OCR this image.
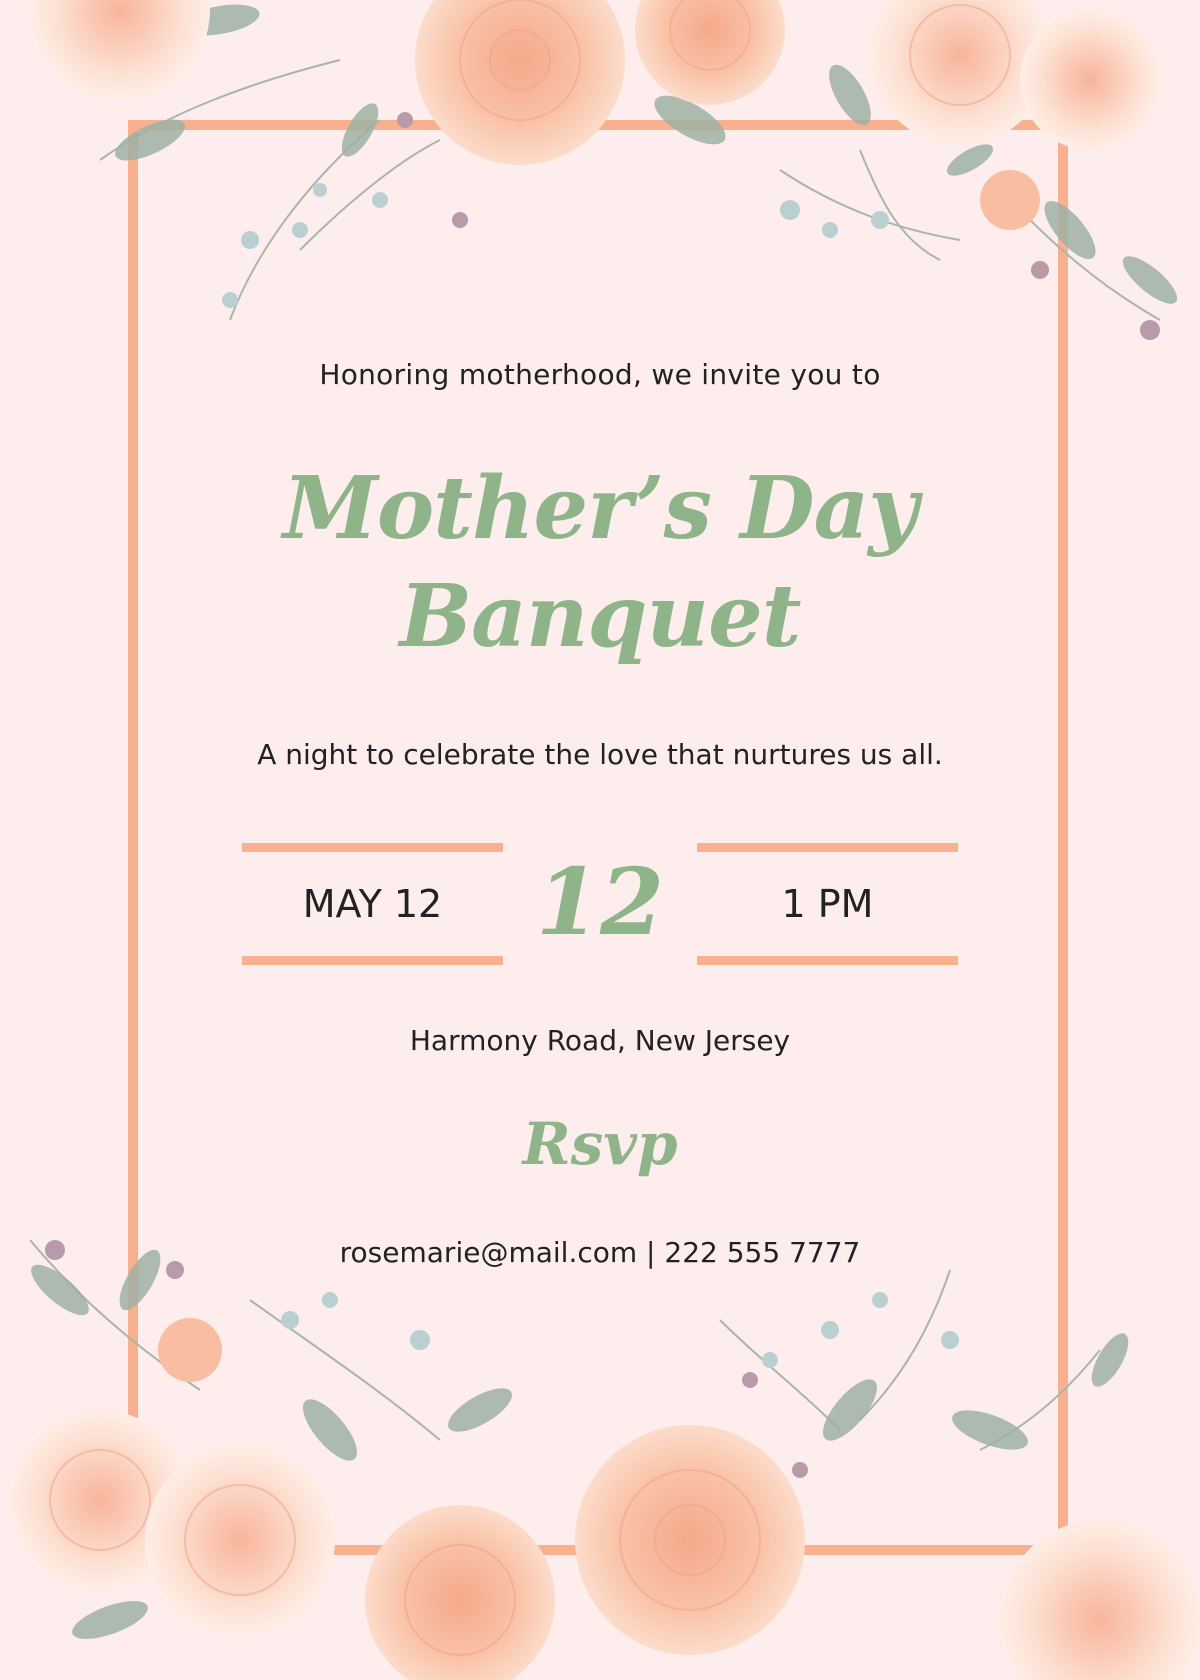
Honoring motherhood, we invite you to
Mother’s Day
Banquet
A night to celebrate the love that nurtures us all.
MAY 12	12	1 PM
Harmony Road, New Jersey
Rsvp
rosemarie@mail.com | 222 555 7777
